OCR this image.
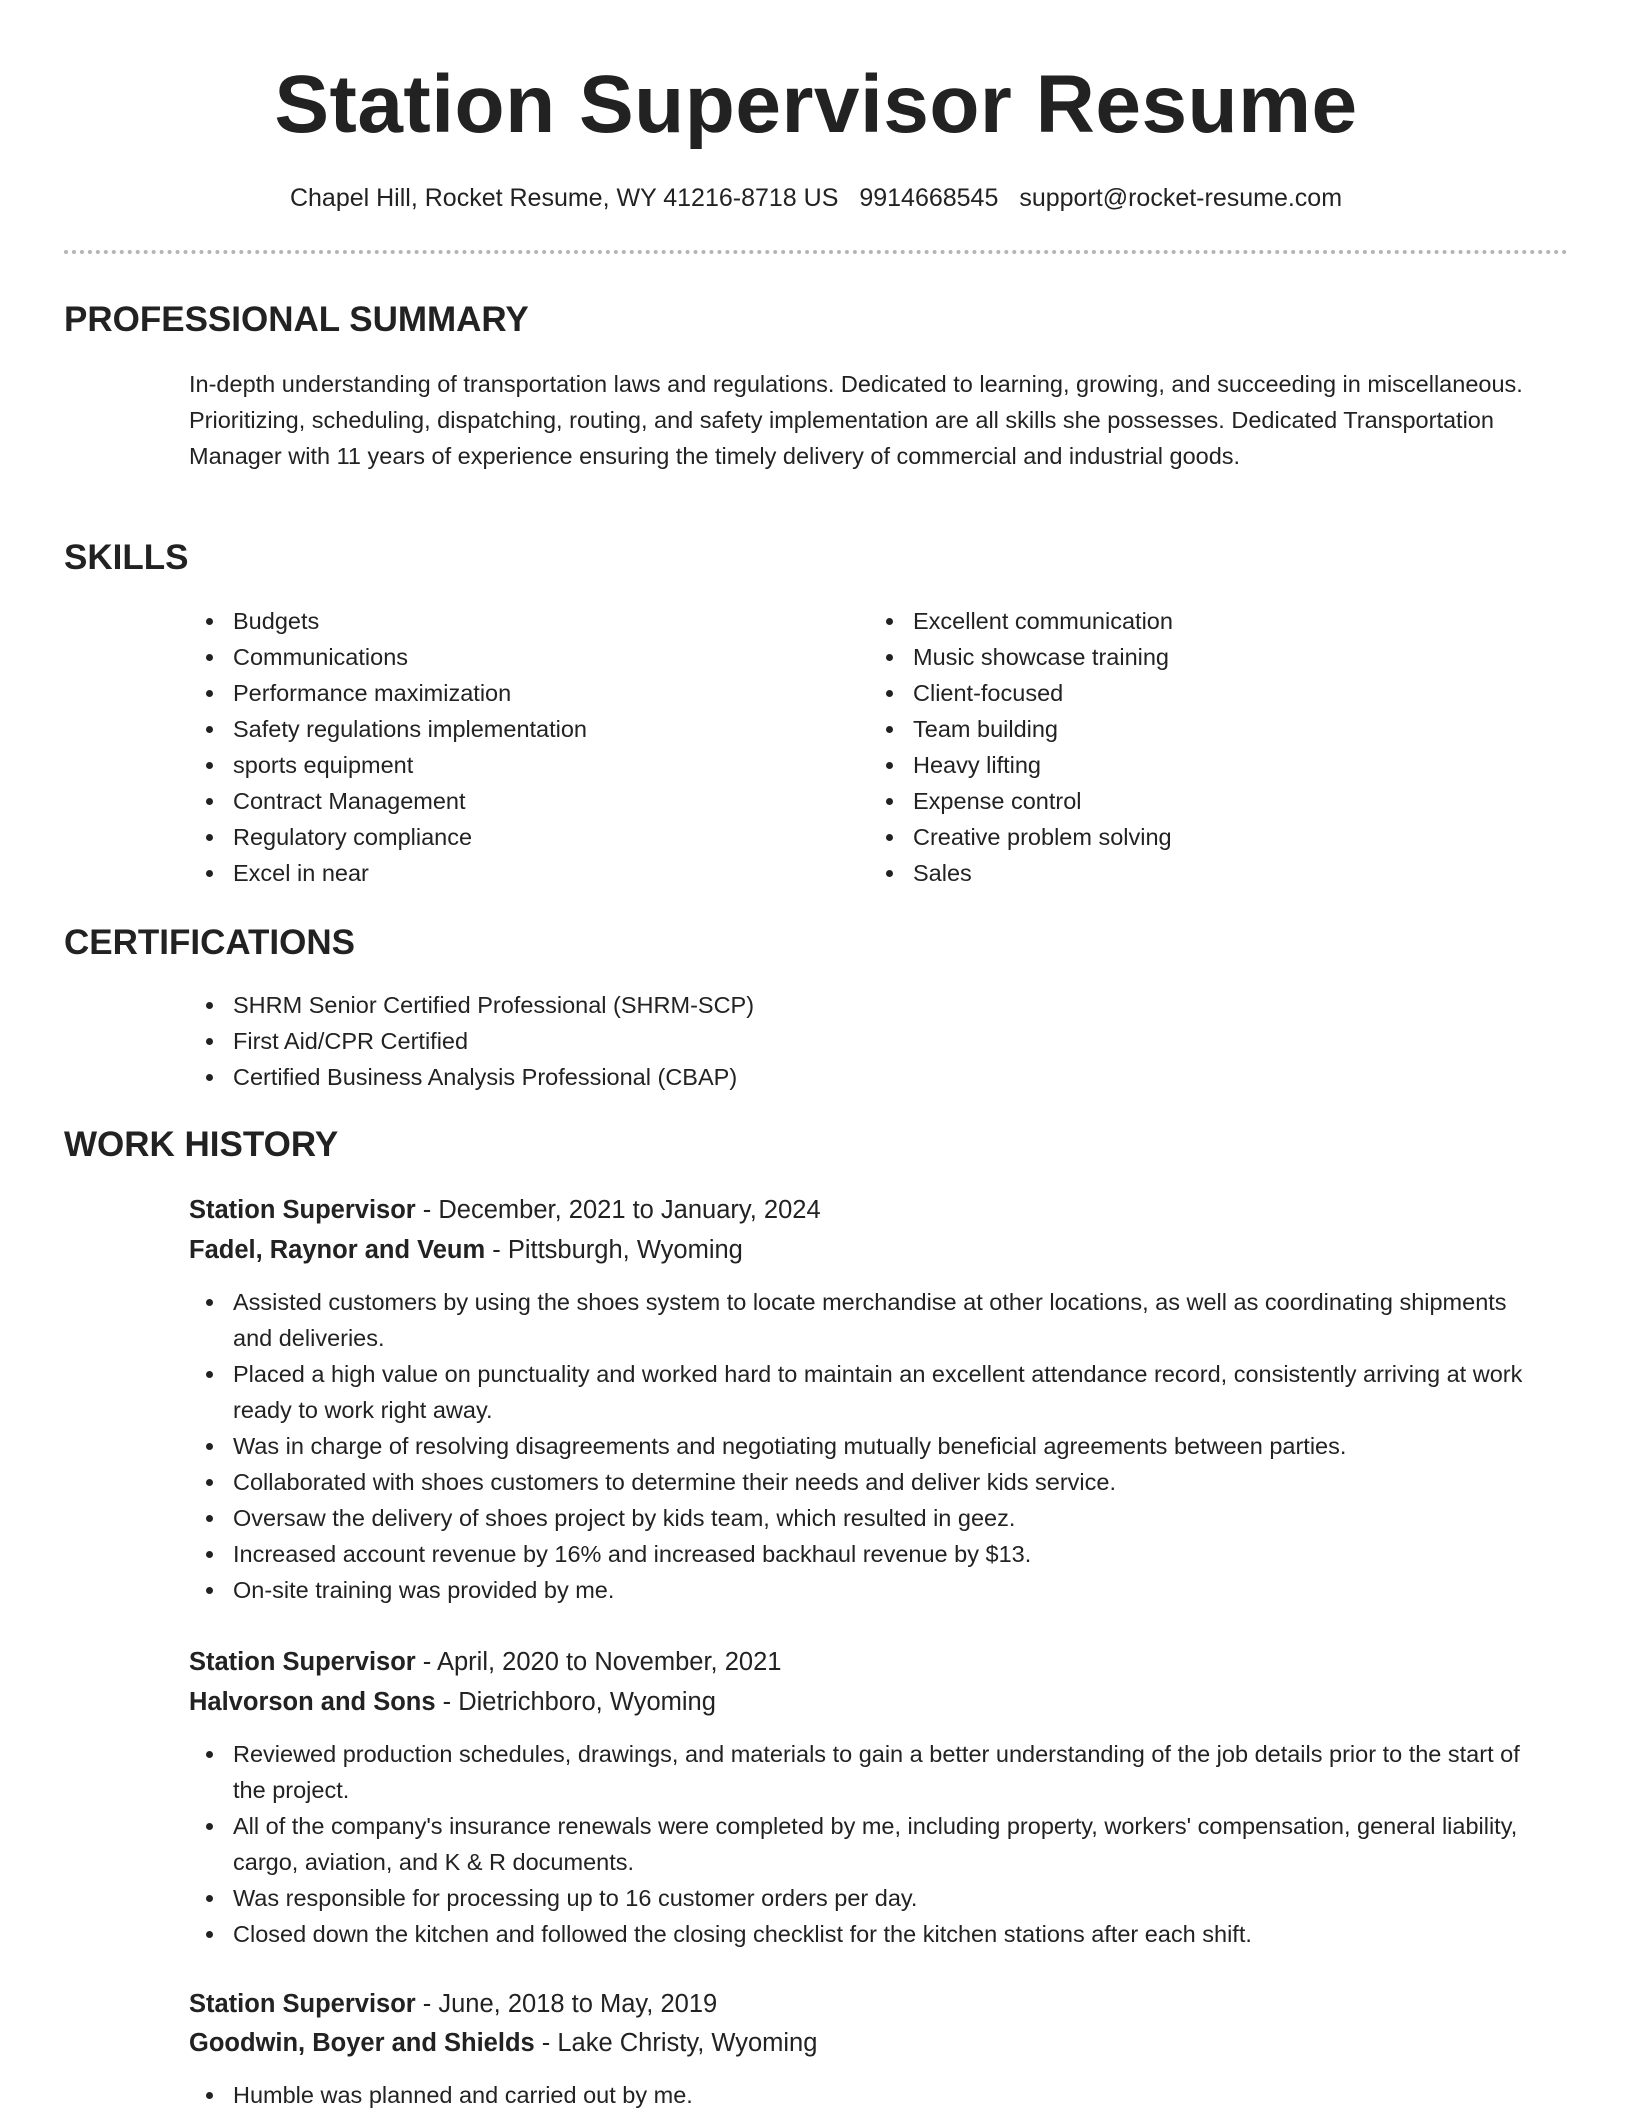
Station Supervisor Resume
Chapel Hill, Rocket Resume, WY 41216-8718 US 9914668545 support@rocket-resume.com
PROFESSIONAL SUMMARY

In-depth understanding of transportation laws and regulations. Dedicated to learning, growing, and succeeding in miscellaneous. Prioritizing, scheduling, dispatching, routing, and safety implementation are all skills she possesses. Dedicated Transportation Manager with 11 years of experience ensuring the timely delivery of commercial and industrial goods.

SKILLS
Budgets
Communications
Performance maximization
Safety regulations implementation
sports equipment
Contract Management
Regulatory compliance
Excel in near
Excellent communication
Music showcase training
Client-focused
Team building
Heavy lifting
Expense control
Creative problem solving
Sales
CERTIFICATIONS
SHRM Senior Certified Professional (SHRM-SCP)
First Aid/CPR Certified
Certified Business Analysis Professional (CBAP)
WORK HISTORY

Station Supervisor - December, 2021 to January, 2024

Fadel, Raynor and Veum - Pittsburgh, Wyoming

Assisted customers by using the shoes system to locate merchandise at other locations, as well as coordinating shipments and deliveries.
Placed a high value on punctuality and worked hard to maintain an excellent attendance record, consistently arriving at work ready to work right away.
Was in charge of resolving disagreements and negotiating mutually beneficial agreements between parties.
Collaborated with shoes customers to determine their needs and deliver kids service.
Oversaw the delivery of shoes project by kids team, which resulted in geez.
Increased account revenue by 16% and increased backhaul revenue by $13.
On-site training was provided by me.

Station Supervisor - April, 2020 to November, 2021

Halvorson and Sons - Dietrichboro, Wyoming

Reviewed production schedules, drawings, and materials to gain a better understanding of the job details prior to the start of the project.
All of the company's insurance renewals were completed by me, including property, workers' compensation, general liability, cargo, aviation, and K & R documents.
Was responsible for processing up to 16 customer orders per day.
Closed down the kitchen and followed the closing checklist for the kitchen stations after each shift.

Station Supervisor - June, 2018 to May, 2019

Goodwin, Boyer and Shields - Lake Christy, Wyoming

Humble was planned and carried out by me.
